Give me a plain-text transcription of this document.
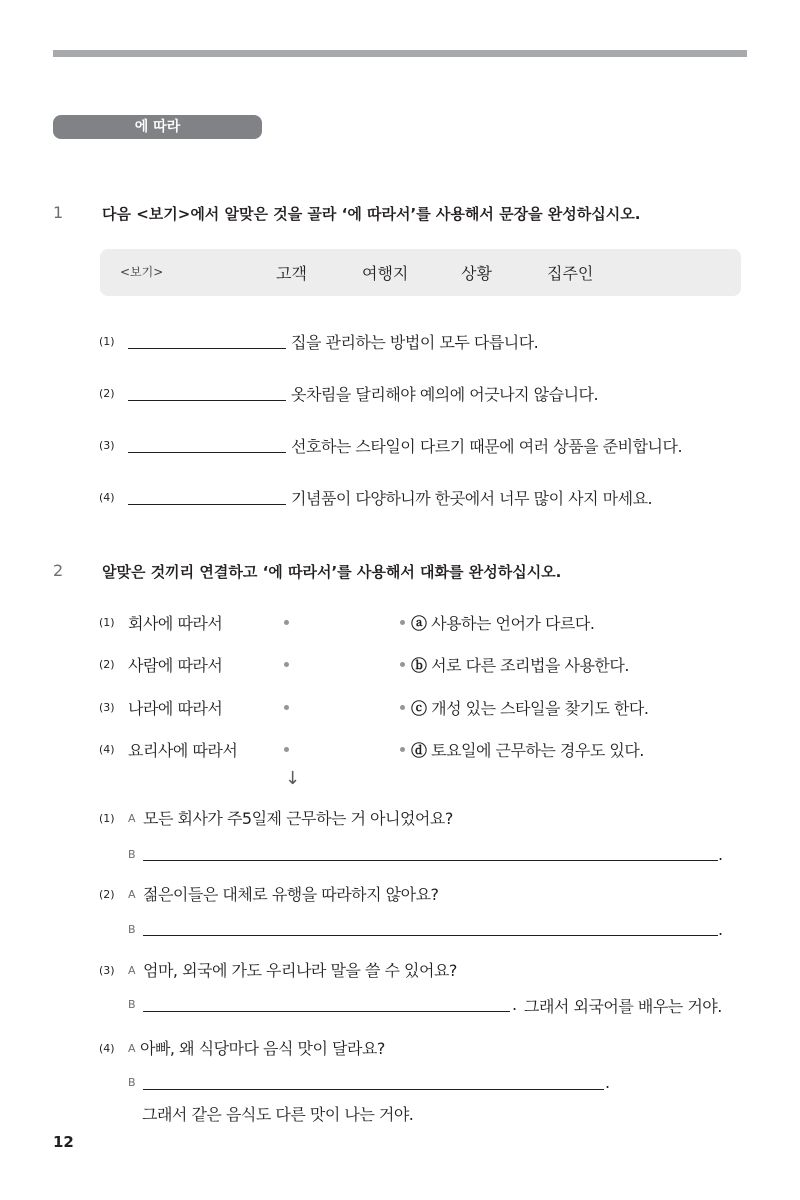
에 따라
1	다음 <보기>에서 알맞은 것을 골라 ‘에 따라서’를 사용해서 문장을 완성하십시오.
<보기>	고객	여행지	상황	집주인
(1)	집을 관리하는 방법이 모두 다릅니다.
(2)	옷차림을 달리해야 예의에 어긋나지 않습니다.
(3)	선호하는 스타일이 다르기 때문에 여러 상품을 준비합니다.
(4)	기념품이 다양하니까 한곳에서 너무 많이 사지 마세요.
2	알맞은 것끼리 연결하고 ‘에 따라서’를 사용해서 대화를 완성하십시오.
(1) 회사에 따라서	ⓐ 사용하는 언어가 다르다.
(2) 사람에 따라서	ⓑ 서로 다른 조리법을 사용한다.
(3) 나라에 따라서	ⓒ 개성 있는 스타일을 찾기도 한다.
(4) 요리사에 따라서	ⓓ 토요일에 근무하는 경우도 있다.
↓
(1) A 모든 회사가 주5일제 근무하는 거 아니었어요?
B	.
(2) A 젊은이들은 대체로 유행을 따라하지 않아요?
B	.
(3) A 엄마, 외국에 가도 우리나라 말을 쓸 수 있어요?
B	. 그래서 외국어를 배우는 거야.
(4) A 아빠, 왜 식당마다 음식 맛이 달라요?
B	.
그래서 같은 음식도 다른 맛이 나는 거야.
12
